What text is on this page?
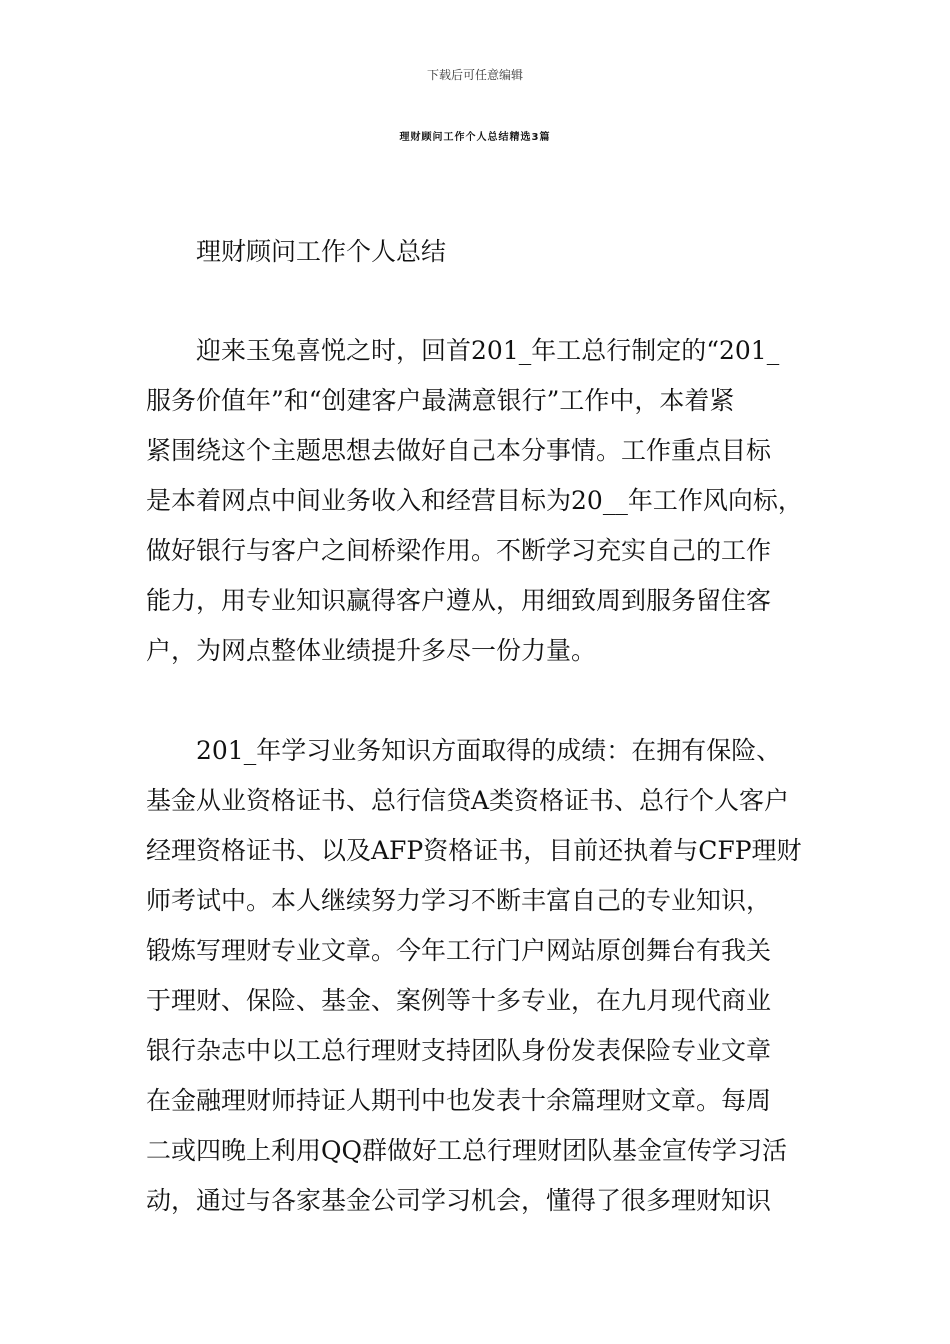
下载后可任意编辑
理财顾问工作个人总结精选3篇

理财顾问工作个人总结

迎来玉兔喜悦之时，回首201_年工总行制定的“201_

服务价值年”和“创建客户最满意银行”工作中，本着紧

紧围绕这个主题思想去做好自己本分事情。工作重点目标

是本着网点中间业务收入和经营目标为20__年工作风向标，

做好银行与客户之间桥梁作用。不断学习充实自己的工作

能力，用专业知识赢得客户遵从，用细致周到服务留住客

户，为网点整体业绩提升多尽一份力量。

201_年学习业务知识方面取得的成绩：在拥有保险、

基金从业资格证书、总行信贷A类资格证书、总行个人客户

经理资格证书、以及AFP资格证书，目前还执着与CFP理财

师考试中。本人继续努力学习不断丰富自己的专业知识，

锻炼写理财专业文章。今年工行门户网站原创舞台有我关

于理财、保险、基金、案例等十多专业，在九月现代商业

银行杂志中以工总行理财支持团队身份发表保险专业文章

在金融理财师持证人期刊中也发表十余篇理财文章。每周

二或四晚上利用QQ群做好工总行理财团队基金宣传学习活

动，通过与各家基金公司学习机会，懂得了很多理财知识
